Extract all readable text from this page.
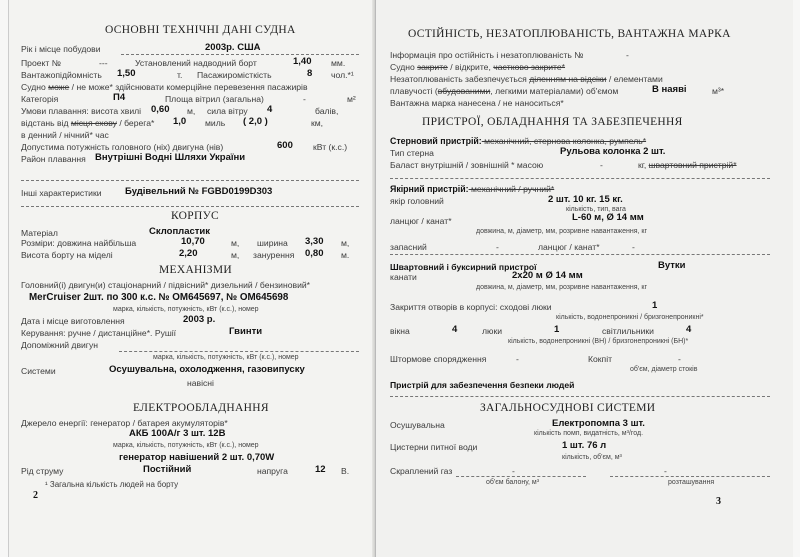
ОСНОВНІ ТЕХНІЧНІ ДАНІ СУДНА
Рік і місце побудови	2003р. США
Проект №	---	Установлений надводний борт	1,40 мм.
Вантажопідйомність 1,50	т. Пасажиромісткість	8 чол.*¹
Судно може / не може* здійснювати комерційне перевезення пасажирів
Категорія	П4	Площа вітрил (загальна)	-	м²
Умови плавання: висота хвилі 0,60 м, сила вітру 4	балів,
відстань від місця схову / берега* 1,0 миль ( 2,0 )	км,
в денний / нічний* час
Допустима потужність головного (нiх) двигуна (нiв)	600 кВт (к.с.)
Район плавання Внутрішні Водні Шляхи України
Інші характеристики Будівельний № FGBD0199D303
КОРПУС
Матеріал	Склопластик
Розміри: довжина найбільша	10,70	м, ширина 3,30 м,
Висота борту на мiделi	2,20	м, занурення 0,80 м.
МЕХАНІЗМИ
Головний(і) двигун(и) стаціонарний / підвісний* дизельний / бензиновий*
MerCruiser 2шт. по 300 к.с. № OM645697, № OM645698
марка, кількість, потужність, кВт (к.с.), номер
Дата і місце виготовлення	2003 р.
Керування: ручне / дистанційне*. Рушії	Гвинти
Допоміжний двигун
марка, кількість, потужність, кВт (к.с.), номер
Системи	Осушувальна, охолодження, газовипуску
навісні
ЕЛЕКТРООБЛАДНАННЯ
Джерело енергії: генератор / батарея акумуляторів*
АКБ 100А/г 3 шт. 12В
марка, кількість, потужність, кВт (к.с.), номер
генератор навішений 2 шт. 0,70W
Рід струму	Постійний	напруга	12 В.
¹ Загальна кількість людей на борту
2
ОСТІЙНІСТЬ, НЕЗАТОПЛЮВАНІСТЬ, ВАНТАЖНА МАРКА
Інформація про остійність і незатоплюваність №	-
Судно закрите / відкрите, частково закрите*
Незатоплюваність забезпечується діленням на відсіки / елементами
плавучості (вбудованими, легкими матеріалами) об'ємом	В наяві	м³*
Вантажна марка нанесена / не наноситься*
ПРИСТРОЇ, ОБЛАДНАННЯ ТА ЗАБЕЗПЕЧЕННЯ
Стерновий пристрій: механічний, стернова колонка, румпель*
Тип стерна	Рульова колонка 2 шт.
Баласт внутрішній / зовнішній * масою	-	кг, швартовний пристрій*
Якірний пристрій: механічний / ручний*
якір головний	2 шт. 10 кг. 15 кг.
кількість, тип, вага
ланцюг / канат*	L-60 м, Ø 14 мм
довжина, м, діаметр, мм, розривне навантаження, кг
запасний	-	ланцюг / канат*	-
Швартовний і буксирний пристрої	Вутки
канати	2х20 м Ø 14 мм
довжина, м, діаметр, мм, розривне навантаження, кг
Закриття отворів в корпусі: сходові люки	1
кількість, водонепроникні / бризгонепроникні*
вікна	4	люки	1	світлильники	4
кількість, водонепроникні (ВН) / бризгонепроникні (БН)*
Штормове спорядження	-	Кокпіт	-
об'єм, діаметр стоків
Пристрій для забезпечення безпеки людей
ЗАГАЛЬНОСУДНОВІ СИСТЕМИ
Осушувальна	Електропомпа 3 шт.
кількість помп, видатність, м³/год.
Цистерни питної води	1 шт. 76 л
кількість, об'єм, м³
Скраплений газ	-	-
об'єм балону, м³	розташування
3
